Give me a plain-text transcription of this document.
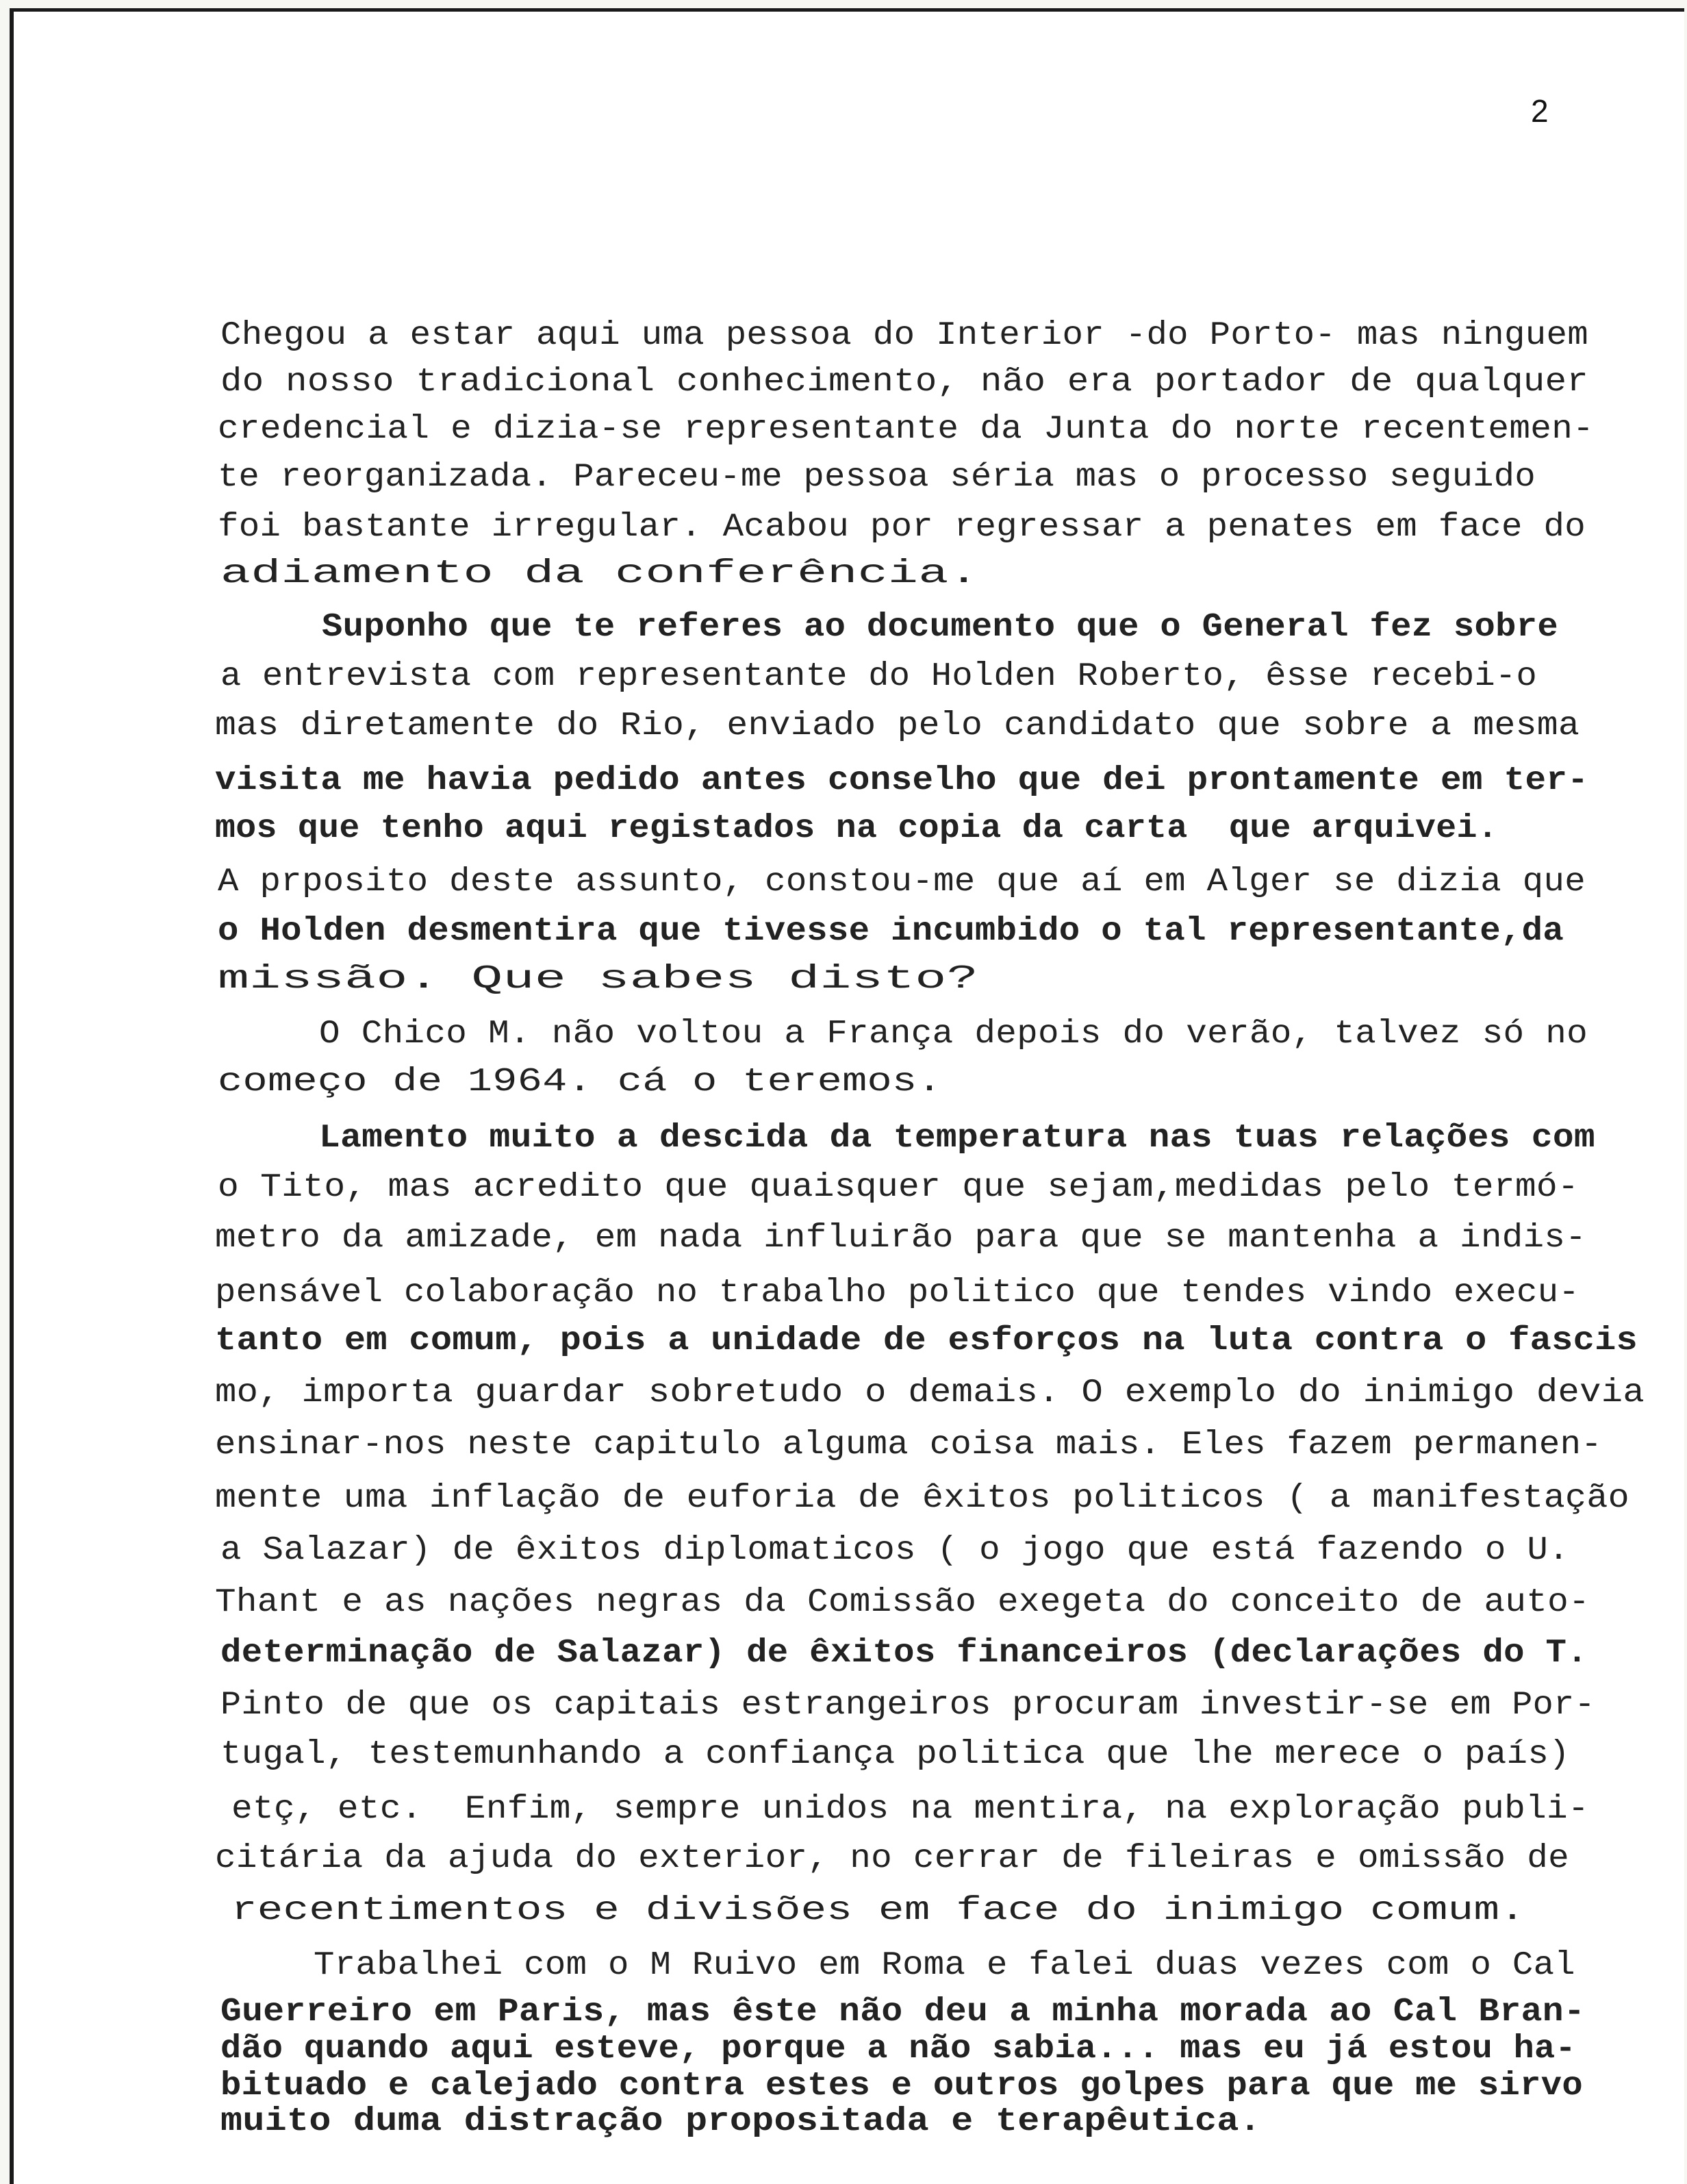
2
Chegou a estar aqui uma pessoa do Interior -do Porto- mas ninguem
do nosso tradicional conhecimento, não era portador de qualquer
credencial e dizia-se representante da Junta do norte recentemen-
te reorganizada. Pareceu-me pessoa séria mas o processo seguido
foi bastante irregular. Acabou por regressar a penates em face do
adiamento da conferência.
Suponho que te referes ao documento que o General fez sobre
a entrevista com representante do Holden Roberto, êsse recebi-o
mas diretamente do Rio, enviado pelo candidato que sobre a mesma
visita me havia pedido antes conselho que dei prontamente em ter-
mos que tenho aqui registados na copia da carta  que arquivei.
A prposito deste assunto, constou-me que aí em Alger se dizia que
o Holden desmentira que tivesse incumbido o tal representante,da
missão. Que sabes disto?
O Chico M. não voltou a França depois do verão, talvez só no
começo de 1964. cá o teremos.
Lamento muito a descida da temperatura nas tuas relações com
o Tito, mas acredito que quaisquer que sejam,medidas pelo termó-
metro da amizade, em nada influirão para que se mantenha a indis-
pensável colaboração no trabalho politico que tendes vindo execu-
tanto em comum, pois a unidade de esforços na luta contra o fascis
mo, importa guardar sobretudo o demais. O exemplo do inimigo devia
ensinar-nos neste capitulo alguma coisa mais. Eles fazem permanen-
mente uma inflação de euforia de êxitos politicos ( a manifestação
a Salazar) de êxitos diplomaticos ( o jogo que está fazendo o U.
Thant e as nações negras da Comissão exegeta do conceito de auto-
determinação de Salazar) de êxitos financeiros (declarações do T.
Pinto de que os capitais estrangeiros procuram investir-se em Por-
tugal, testemunhando a confiança politica que lhe merece o país)
etç, etc.  Enfim, sempre unidos na mentira, na exploração publi-
citária da ajuda do exterior, no cerrar de fileiras e omissão de
recentimentos e divisões em face do inimigo comum.
Trabalhei com o M Ruivo em Roma e falei duas vezes com o Cal
Guerreiro em Paris, mas êste não deu a minha morada ao Cal Bran-
dão quando aqui esteve, porque a não sabia... mas eu já estou ha-
bituado e calejado contra estes e outros golpes para que me sirvo
muito duma distração propositada e terapêutica.
